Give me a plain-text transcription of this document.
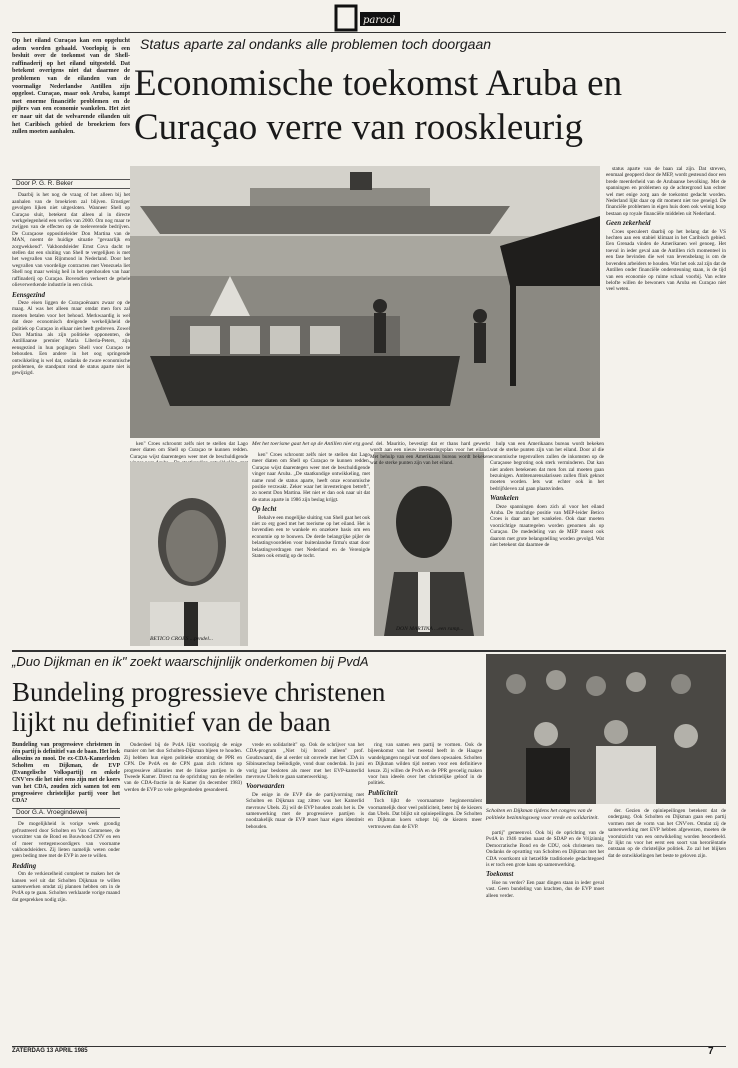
parool
Op het eiland Curaçao kan een opgelucht adem worden gehaald. Voorlopig is een besluit over de toekomst van de Shell-raffinaderij op het eiland uitgesteld. Dat betekent overigens niet dat daarmee de problemen van de eilanden van de voormalige Nederlandse Antillen zijn opgelost. Curaçao, maar ook Aruba, kampt met enorme financiële problemen en de pijlers van een economie wankelen. Het ziet er naar uit dat de welvarende eilanden uit het Caribisch gebied de broekriem fors zullen moeten aanhalen.
Status aparte zal ondanks alle problemen toch doorgaan
Economische toekomst Aruba en
Curaçao verre van rooskleurig
Door P. G. R. Beker

Daarbij is het nog de vraag of het alleen bij het aanhalen van de broekriem zal blijven. Ernstiger gevolgen lijken niet uitgesloten. Wanneer Shell op Curaçao sluit, betekent dat alleen al in directe werkgelegenheid een verlies van 2000. Om nog maar te zwijgen van de effecten op de toeleverende bedrijven. De Curaçaose oppositieleider Don Martina van de MAN, noemt de huidige situatie "gevaarlijk en zorgwekkend". Vakbondsleider Ernst Cova dacht te stellen dat een sluiting van Shell te vergelijken is met het wegvallen van Rijnmond in Nederland. Door het wegvallen van voordelige contracten met Venezuela liet Shell nog maar weinig heil in het openhouden van haar raffinaderij op Curaçao. Bovendien verkeert de gehele olieverwerkende industrie in een crisis.

Eensgezind

Deze eisen liggen de Curaçaoënaars zwaar op de maag. Al was het alleen maar omdat men fors zal moeten betalen voor het behoud. Merkwaardig is wel dat deze economisch dreigende werkelijkheid de politiek op Curaçao in elkaar niet heeft gedreven. Zowel Don Martina als zijn politieke opponenten, de Antilliaanse premier Maria Liberia-Peters, zijn eensgezind in hun pogingen Shell voor Curaçao te behouden. Een andere in het oog springende ontwikkeling is wel dat, ondanks de zware economische problemen, de standpunt rond de status aparte niet is gewijzigd.

Met het toerisme gaat het op de Antillen niet erg goed.

ken" Croes schroomt zelfs niet te stellen dat Lago meer diaten om Shell op Curaçao te kunnen redden. Curaçao wijst daarentegen weer met de beschuldigende

BETICO CROES ...pendel...

ken" Croes schroomt zelfs niet te stellen dat Lago meer diaten om Shell op Curaçao te kunnen redden. Curaçao wijst daarentegen weer met de beschuldigende vinger naar Aruba. „De staatkundige ontwikkeling, met name rond de status aparte, heeft onze economische positie verzwakt. Zeker waar het investeringen betreft", zo noemt Don Martina. Het niet er dan ook naar uit dat de status aparte in 1986 zijn beslag krijgt.

Op lecht

Behalve een mogelijke sluiting van Shell gaat het ook niet zo erg goed met het toerisme op het eiland. Het is bovendien een te wankele en onzekere basis om een economie op te bouwen. De derde belangrijke pijler de belastingvoordelen voor buitenlandse firma's staat door belastingverdragen met Nederland en de Verenigde Staten ook ernstig op de tocht.

DON MARTINA ...een ramp...

del. Mauritio, bevestigt dat er thans hard gewerkt wordt aan een nieuw investeringsplan voor het eiland. Met behulp van een Amerikaans bureau wordt bekeken wat de sterke punten zijn van het eiland.

hulp van een Amerikaans bureau wordt bekeken wat de sterke punten zijn van het eiland. Door al die economische tegenvallers zullen de inkomsten op de Curaçaose begroting ook sterk verminderen. Dat kan niet anders betekenen dat men fors zal moeten gaan bezuinigen. Ambtenarensalarissen zullen flink geknot moeten worden. Iets wat echter ook in het bedrijfsleven zal gaan plaatsvinden.

Wankelen

Deze spanningen doen zich al voor het eiland Aruba. De machtige positie van MEP-leider Betico Croes is daar aan het wankelen. Ook daar moeten voorzichtige maatregelen worden genomen als op Curaçao. De mededeling van de MEP moest ook daarom met grote belangstelling worden gevolgd. Wat niet betekent dat daarmee de

status aparte van de baan zal zijn. Dat streven, eenmaal geopperd door de MEP, wordt gesteund door een brede meerderheid van de Arubaanse bevolking. Met de spanningen en problemen op de achtergrond kan echter wel met enige zorg aan de toekomst gedacht worden. Nederland lijkt daar op dit moment niet toe geneigd. De financiële problemen in eigen huis doen ook weinig hoop bestaan op royale financiële middelen uit Nederland.

Geen zekerheid

Croes speculeert daarbij op het belang dat de VS hechten aan een stabiel klimaat in het Caribisch gebied. Een Grenada vinden de Amerikanen wel genoeg. Het toeval in ieder geval aan de Antillen rich momenteel in een fase bevinden die wel van levensbelang is om de bovenden arbeiders te houden. Wat het ook zal zijn dat de Antillen onder financiële ondersteuning staan, is de tijd van een economie op ruime schaal voorbij. Van echte belofte willen de bewoners van Aruba en Curaçao niet veel weten.

„Duo Dijkman en ik" zoekt waarschijnlijk onderkomen bij PvdA
Bundeling progressieve christenen
lijkt nu definitief van de baan
Scholten en Dijkman tijdens het congres van de politieke bezinningsweg voor vrede en solidariteit.

Bundeling van progressieve christenen in één partij is definitief van de baan. Het leek alleszins zo mooi. De ex-CDA-Kamerleden Scholten en Dijkman, de EVP (Evangelische Volkspartij) en enkele CNV'ers die het niet eens zijn met de koers van het CDA, zouden zich samen tot een progressieve christelijke partij voor het CDA?

Door G.A. Vroegindeweij

De mogelijkheid is vorige week grondig gefrustreerd door Scholten en Van Commenee, de voorzitter van de Bond en Bouwbond CNV en een of meer vertegenwoordigers van voorname vakbondsleiders. Zij lieten namelijk weten onder geen beding mee met de EVP in zee te willen.

Redding

Om de verkiezelheid compleet te maken het de kansen wel uit dat Scholten Dijkman te willen samenwerken omdat zij plannen hebben om in de PvdA op te gaan. Scholten verklaarde vorige maand dat gesprekken nodig zijn.

Onderdeel bij de PvdA lijkt voorlopig de enige manier om het duo Scholten-Dijkman bijeen te houden. Zij hebben hun eigen politieke stroming de PPR en CPN. De PvdA en de CPN gaan zich richten op progressieve allianties met de linkse partijen in de Tweede Kamer. Direct na de oprichting van de rebellen van de CDA-fractie in de Kamer (in december 1983) werden de EVP zo vele gelegenheden gesondeerd.

vrede en solidariteit" op. Ook de schrijver van het CDA-program „Niet bij brood alleen" prof. Goudzwaard, die al eerder uit onvrede met het CDA in Sibinsatechup beëindigde, vond duur onderdak. In juni vorig jaar besloten als meer met het EVP-kamerlid mevrouw Ubels te gaan samenwerking.

Voorwaarden

De enige in de EVP die de partijvorming met Scholten en Dijkman zag zitten was het Kamerlid mevrouw Ubels. Zij wil de EVP houden zoals het is. De samenwerking met de progressieve partijen is noodzakelijk maar de EVP moet haar eigen identiteit behouden.

ring van samen een partij te vormen. Ook de bijeenkomst van het tweetal heeft in de Haagse wandelgangen nogal wat stof doen opwaaien. Scholten en Dijkman wilden tijd nemen voor een definitieve keuze. Zij willen de PvdA en de PPR gevoelig maken voor hun ideeën over het christelijke geloof in de politiek.

Publiciteit

Toch lijkt de voornaamste beginnerstalent voornamelijk door veel publiciteit, beter bij de kiezers dan Ubels. Dat blijkt uit opiniepeilingen. De Scholten en Dijkman koers schept bij de kiezers meer vertrouwen dan de EVP.

partij" gemeenvol. Ook bij de oprichting van de PvdA in 1946 traden naast de SDAP en de Vrijzinnig Democratische Bond en de CDU, ook christenen toe. Ondanks de opvatting van Scholten en Dijkman met het CDA voortkomt uit hetzelfde traditionele gedachtegoed is er toch een grote kans op samenwerking.

Toekomst

Hoe nu verder? Een paar dingen staan in ieder geval vast. Geen bundeling van krachten, dus de EVP moet alleen verder.

der. Gezien de opiniepeilingen betekent dat de ondergang. Ook Scholten en Dijkman gaan een partij vormen met de vorm van het CNV'ers. Omdat zij de samenwerking met EVP hebben afgewezen, moeten de vooruitzicht van een ontwikkeling worden beoordeeld. Er lijkt nu voor het eerst een soort van heroriëntatie ontstaan op de christelijke politiek. Zo zal het blijken dat de ontwikkelingen het beste te geloven zijn.

ZATERDAG 13 APRIL 1985	7
